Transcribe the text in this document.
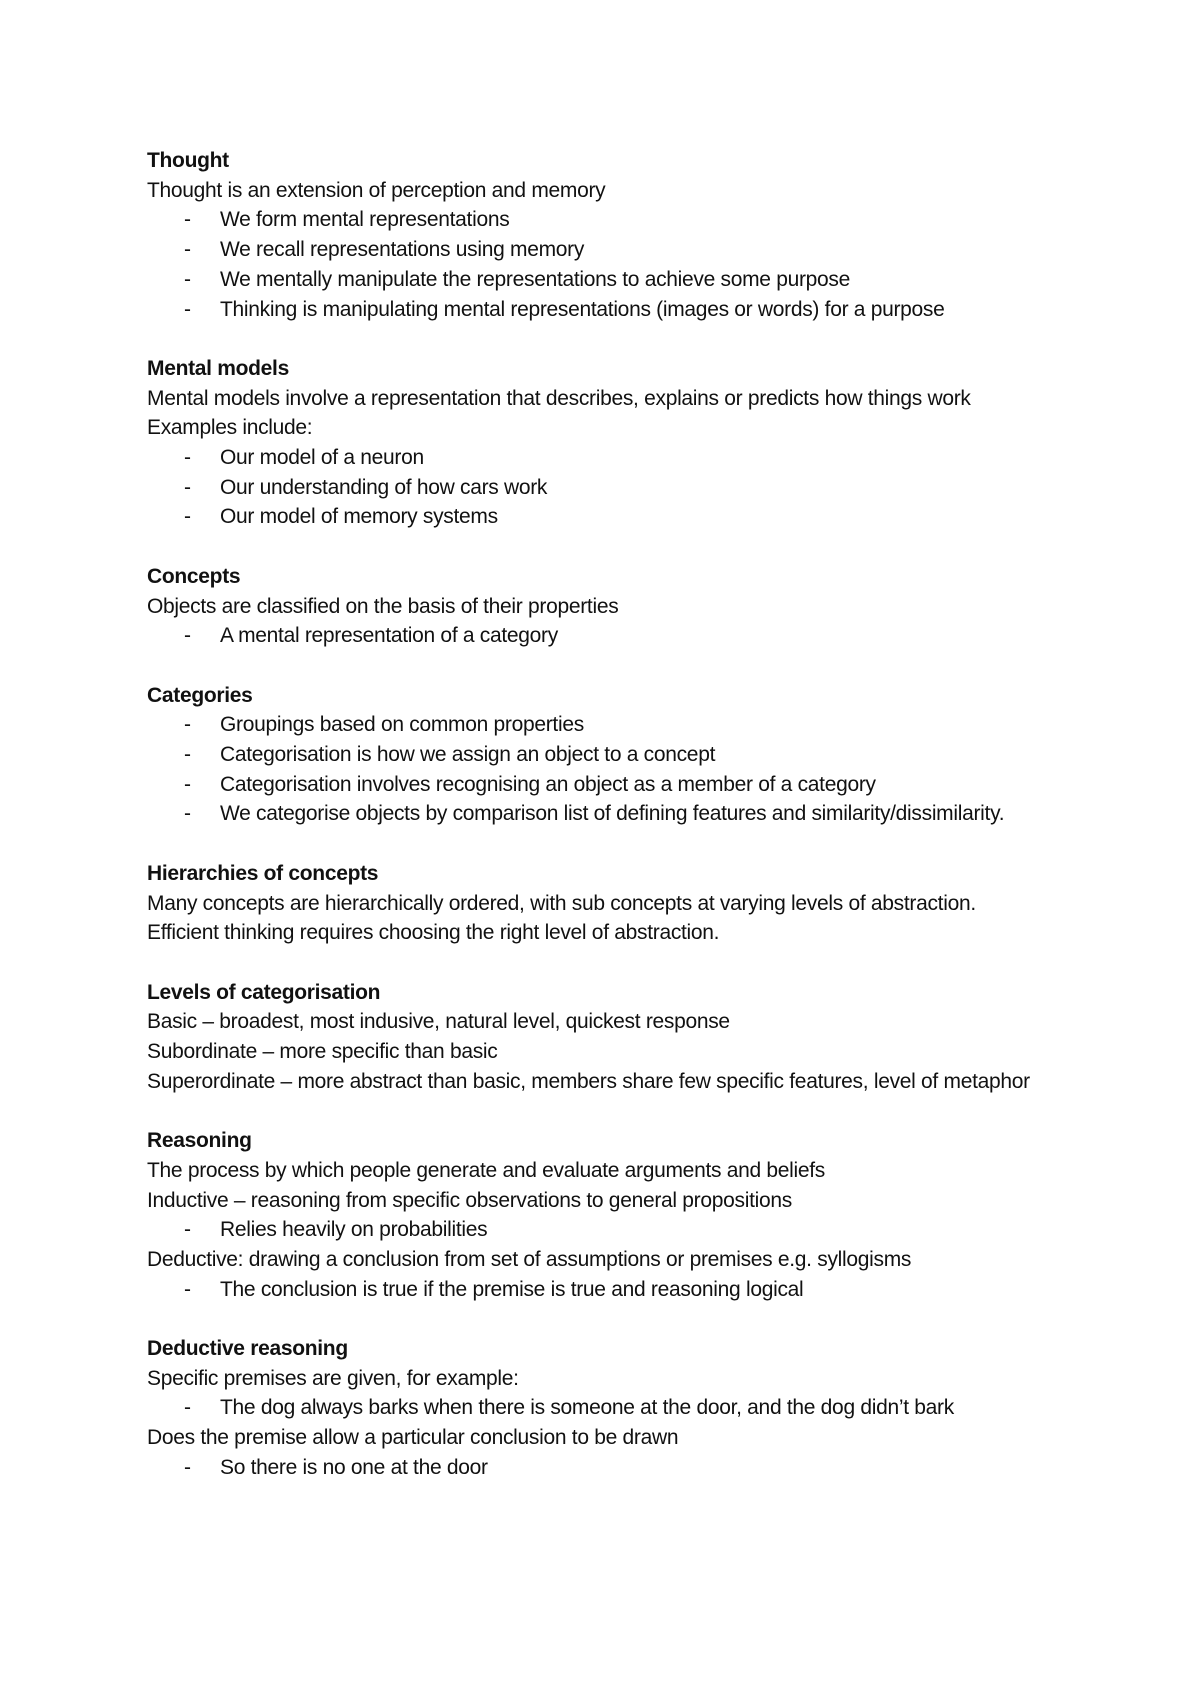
Thought
Thought is an extension of perception and memory
- We form mental representations
- We recall representations using memory
- We mentally manipulate the representations to achieve some purpose
- Thinking is manipulating mental representations (images or words) for a purpose
Mental models
Mental models involve a representation that describes, explains or predicts how things work
Examples include:
- Our model of a neuron
- Our understanding of how cars work
- Our model of memory systems
Concepts
Objects are classified on the basis of their properties
- A mental representation of a category
Categories
- Groupings based on common properties
- Categorisation is how we assign an object to a concept
- Categorisation involves recognising an object as a member of a category
- We categorise objects by comparison list of defining features and similarity/dissimilarity.
Hierarchies of concepts
Many concepts are hierarchically ordered, with sub concepts at varying levels of abstraction.
Efficient thinking requires choosing the right level of abstraction.
Levels of categorisation
Basic – broadest, most indusive, natural level, quickest response
Subordinate – more specific than basic
Superordinate – more abstract than basic, members share few specific features, level of metaphor
Reasoning
The process by which people generate and evaluate arguments and beliefs
Inductive – reasoning from specific observations to general propositions
- Relies heavily on probabilities
Deductive: drawing a conclusion from set of assumptions or premises e.g. syllogisms
- The conclusion is true if the premise is true and reasoning logical
Deductive reasoning
Specific premises are given, for example:
- The dog always barks when there is someone at the door, and the dog didn’t bark
Does the premise allow a particular conclusion to be drawn
- So there is no one at the door
